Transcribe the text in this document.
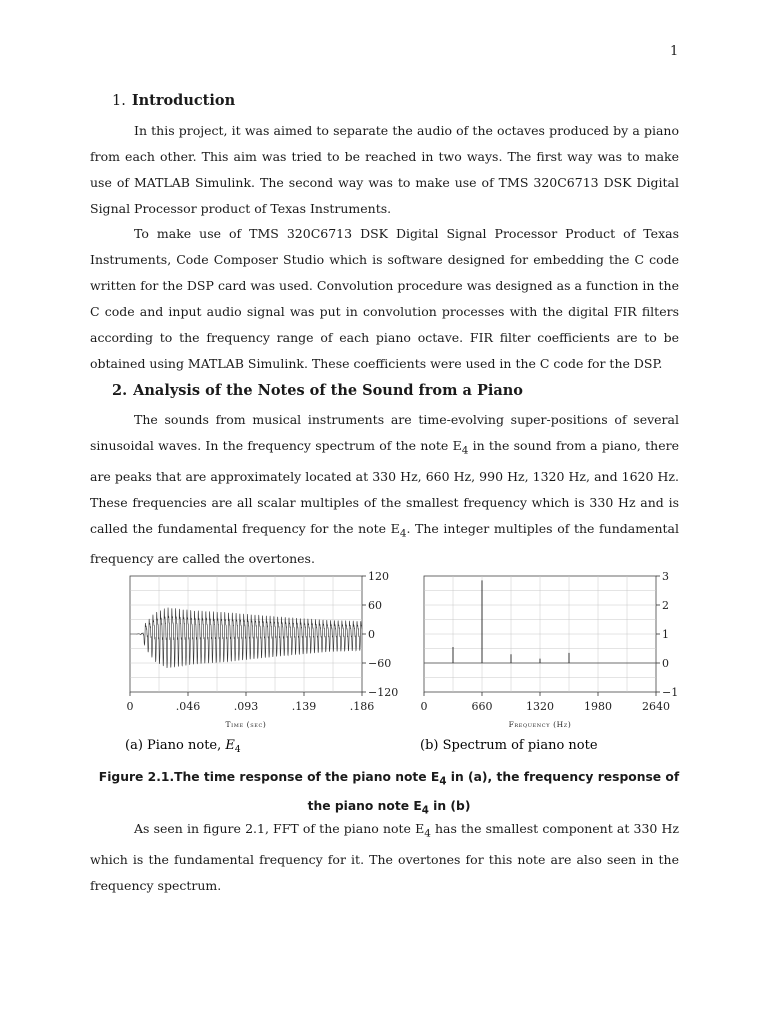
1
1. Introduction

In this project, it was aimed to separate the audio of the octaves produced by a piano from each other. This aim was tried to be reached in two ways. The first way was to make use of MATLAB Simulink. The second way was to make use of TMS 320C6713 DSK Digital Signal Processor product of Texas Instruments.

To make use of TMS 320C6713 DSK Digital Signal Processor Product of Texas Instruments, Code Composer Studio which is software designed for embedding the C code written for the DSP card was used. Convolution procedure was designed as a function in the C code and input audio signal was put in convolution processes with the digital FIR filters according to the frequency range of each piano octave. FIR filter coefficients are to be obtained using MATLAB Simulink. These coefficients were used in the C code for the DSP.

2. Analysis of the Notes of the Sound from a Piano

The sounds from musical instruments are time-evolving super-positions of several sinusoidal waves. In the frequency spectrum of the note $E_4$ in the sound from a piano, there are peaks that are approximately located at 330 Hz, 660 Hz, 990 Hz, 1320 Hz, and 1620 Hz. These frequencies are all scalar multiples of the smallest frequency which is 330 Hz and is called the fundamental frequency for the note $E_4$. The integer multiples of the fundamental frequency are called the overtones.

0	.046	.093	.139	.186
120
60
0
−60
−120
Time (sec)
0	660	1320	1980	2640
3
2
1
0
−1
Frequency (Hz)
(a) Piano note, $E_4$	(b) Spectrum of piano note

Figure 2.1.The time response of the piano note $E_4$ in (a), the frequency response of the piano note $E_4$ in (b)

As seen in figure 2.1, FFT of the piano note $E_4$ has the smallest component at 330 Hz which is the fundamental frequency for it. The overtones for this note are also seen in the frequency spectrum.
